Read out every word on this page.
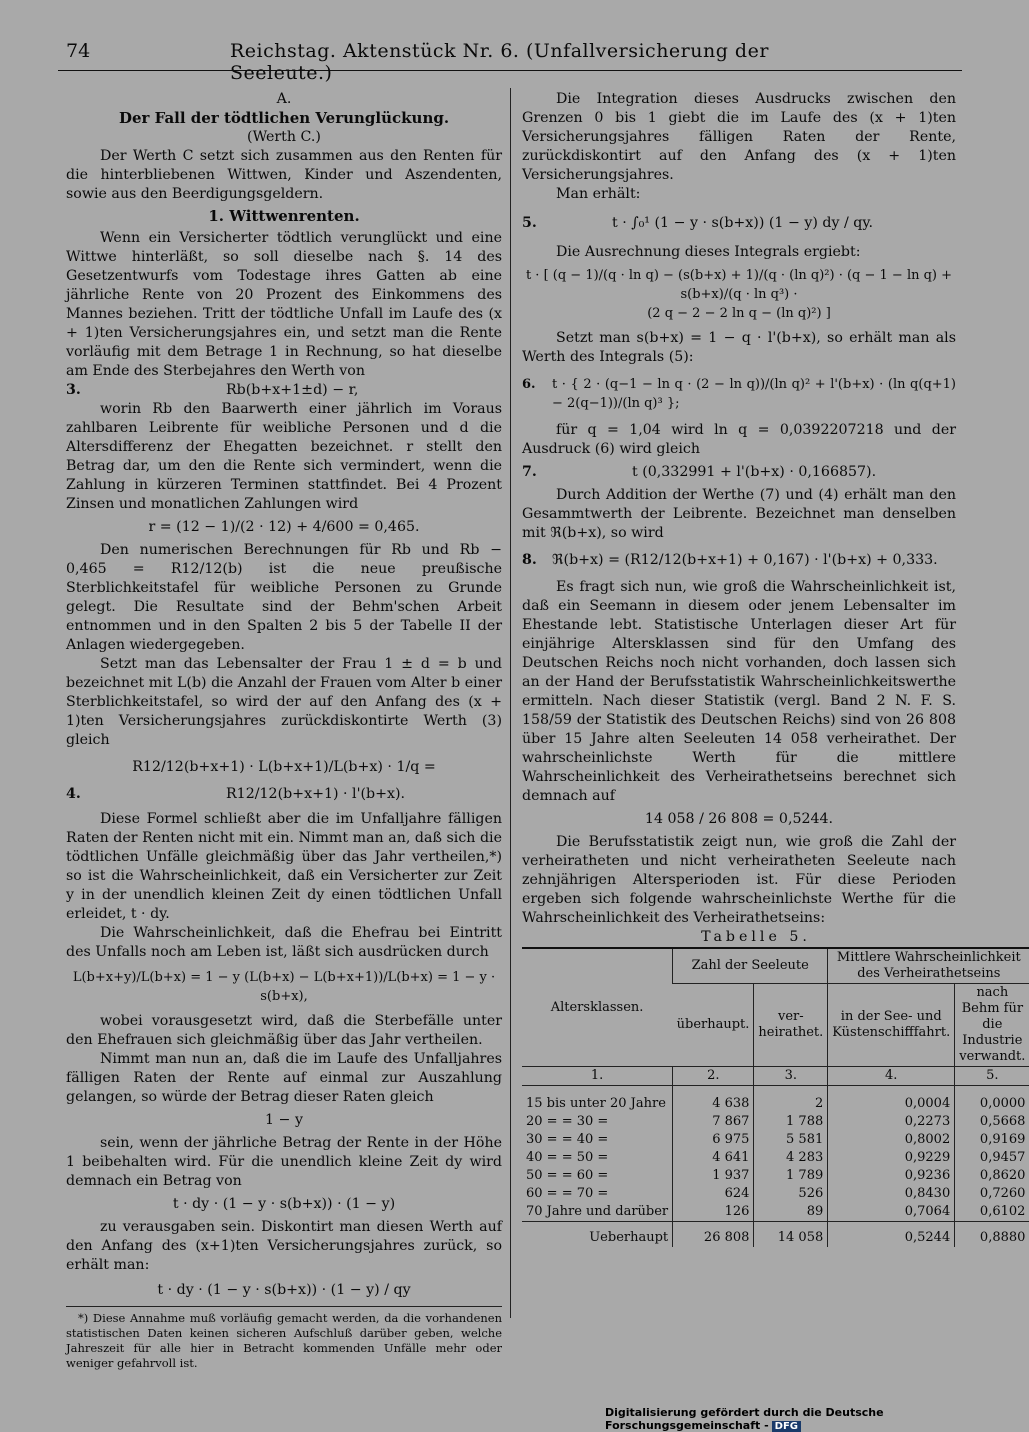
74	Reichstag. Aktenstück Nr. 6. (Unfallversicherung der Seeleute.)

A.

Der Fall der tödtlichen Verunglückung.

(Werth C.)

Der Werth C setzt sich zusammen aus den Renten für die hinterbliebenen Wittwen, Kinder und Aszendenten, sowie aus den Beerdigungsgeldern.

1. Wittwenrenten.

Wenn ein Versicherter tödtlich verunglückt und eine Wittwe hinterläßt, so soll dieselbe nach §. 14 des Gesetzentwurfs vom Todestage ihres Gatten ab eine jährliche Rente von 20 Prozent des Einkommens des Mannes beziehen. Tritt der tödtliche Unfall im Laufe des (x + 1)ten Versicherungsjahres ein, und setzt man die Rente vorläufig mit dem Betrage 1 in Rechnung, so hat dieselbe am Ende des Sterbejahres den Werth von

3.	Rb(b+x+1±d) − r,

worin Rb den Baarwerth einer jährlich im Voraus zahlbaren Leibrente für weibliche Personen und d die Altersdifferenz der Ehegatten bezeichnet. r stellt den Betrag dar, um den die Rente sich vermindert, wenn die Zahlung in kürzeren Terminen stattfindet. Bei 4 Prozent Zinsen und monatlichen Zahlungen wird

r = (12 − 1)/(2 · 12) + 4/600 = 0,465.

Den numerischen Berechnungen für Rb und Rb − 0,465 = R12/12(b) ist die neue preußische Sterblichkeitstafel für weibliche Personen zu Grunde gelegt. Die Resultate sind der Behm'schen Arbeit entnommen und in den Spalten 2 bis 5 der Tabelle II der Anlagen wiedergegeben.

Setzt man das Lebensalter der Frau 1 ± d = b und bezeichnet mit L(b) die Anzahl der Frauen vom Alter b einer Sterblichkeitstafel, so wird der auf den Anfang des (x + 1)ten Versicherungsjahres zurückdiskontirte Werth (3) gleich

R12/12(b+x+1) · L(b+x+1)/L(b+x) · 1/q =

4.	R12/12(b+x+1) · l'(b+x).

Diese Formel schließt aber die im Unfalljahre fälligen Raten der Renten nicht mit ein. Nimmt man an, daß sich die tödtlichen Unfälle gleichmäßig über das Jahr vertheilen,*) so ist die Wahrscheinlichkeit, daß ein Versicherter zur Zeit y in der unendlich kleinen Zeit dy einen tödtlichen Unfall erleidet, t · dy.

Die Wahrscheinlichkeit, daß die Ehefrau bei Eintritt des Unfalls noch am Leben ist, läßt sich ausdrücken durch

L(b+x+y)/L(b+x) = 1 − y (L(b+x) − L(b+x+1))/L(b+x) = 1 − y · s(b+x),

wobei vorausgesetzt wird, daß die Sterbefälle unter den Ehefrauen sich gleichmäßig über das Jahr vertheilen.

Nimmt man nun an, daß die im Laufe des Unfalljahres fälligen Raten der Rente auf einmal zur Auszahlung gelangen, so würde der Betrag dieser Raten gleich

1 − y

sein, wenn der jährliche Betrag der Rente in der Höhe 1 beibehalten wird. Für die unendlich kleine Zeit dy wird demnach ein Betrag von

t · dy · (1 − y · s(b+x)) · (1 − y)

zu verausgaben sein. Diskontirt man diesen Werth auf den Anfang des (x+1)ten Versicherungsjahres zurück, so erhält man:

t · dy · (1 − y · s(b+x)) · (1 − y) / qy

*) Diese Annahme muß vorläufig gemacht werden, da die vorhandenen statistischen Daten keinen sicheren Aufschluß darüber geben, welche Jahreszeit für alle hier in Betracht kommenden Unfälle mehr oder weniger gefahrvoll ist.

Die Integration dieses Ausdrucks zwischen den Grenzen 0 bis 1 giebt die im Laufe des (x + 1)ten Versicherungsjahres fälligen Raten der Rente, zurückdiskontirt auf den Anfang des (x + 1)ten Versicherungsjahres.

Man erhält:

5.	t · ∫₀¹ (1 − y · s(b+x)) (1 − y) dy / qy.

Die Ausrechnung dieses Integrals ergiebt:

t · [ (q − 1)/(q · ln q) − (s(b+x) + 1)/(q · (ln q)²) · (q − 1 − ln q) + s(b+x)/(q · ln q³) ·

(2 q − 2 − 2 ln q − (ln q)²) ]

Setzt man s(b+x) = 1 − q · l'(b+x), so erhält man als Werth des Integrals (5):

6. t · { 2 · (q−1 − ln q · (2 − ln q))/(ln q)² + l'(b+x) · (ln q(q+1) − 2(q−1))/(ln q)³ };

für q = 1,04 wird ln q = 0,0392207218 und der Ausdruck (6) wird gleich

7.	t (0,332991 + l'(b+x) · 0,166857).

Durch Addition der Werthe (7) und (4) erhält man den Gesammtwerth der Leibrente. Bezeichnet man denselben mit ℜ(b+x), so wird

8. ℜ(b+x) = (R12/12(b+x+1) + 0,167) · l'(b+x) + 0,333.

Es fragt sich nun, wie groß die Wahrscheinlichkeit ist, daß ein Seemann in diesem oder jenem Lebensalter im Ehestande lebt. Statistische Unterlagen dieser Art für einjährige Altersklassen sind für den Umfang des Deutschen Reichs noch nicht vorhanden, doch lassen sich an der Hand der Berufsstatistik Wahrscheinlichkeitswerthe ermitteln. Nach dieser Statistik (vergl. Band 2 N. F. S. 158/59 der Statistik des Deutschen Reichs) sind von 26 808 über 15 Jahre alten Seeleuten 14 058 verheirathet. Der wahrscheinlichste Werth für die mittlere Wahrscheinlichkeit des Verheirathetseins berechnet sich demnach auf

14 058 / 26 808 = 0,5244.

Die Berufsstatistik zeigt nun, wie groß die Zahl der verheiratheten und nicht verheiratheten Seeleute nach zehnjährigen Altersperioden ist. Für diese Perioden ergeben sich folgende wahrscheinlichste Werthe für die Wahrscheinlichkeit des Verheirathetseins:

Tabelle 5.

Altersklassen.	Zahl der Seeleute		Mittlere Wahrscheinlichkeit des Verheirathetseins	
	überhaupt.	ver-heirathet.	in der See- und Küstenschifffahrt.	nach Behm für die Industrie verwandt.
1.	2.	3.	4.	5.
15 bis unter 20 Jahre	4 638	2	0,0004	0,0000
20 = = 30 =	7 867	1 788	0,2273	0,5668
30 = = 40 =	6 975	5 581	0,8002	0,9169
40 = = 50 =	4 641	4 283	0,9229	0,9457
50 = = 60 =	1 937	1 789	0,9236	0,8620
60 = = 70 =	624	526	0,8430	0,7260
70 Jahre und darüber	126	89	0,7064	0,6102
Ueberhaupt	26 808	14 058	0,5244	0,8880
Digitalisierung gefördert durch die Deutsche Forschungsgemeinschaft - DFG
